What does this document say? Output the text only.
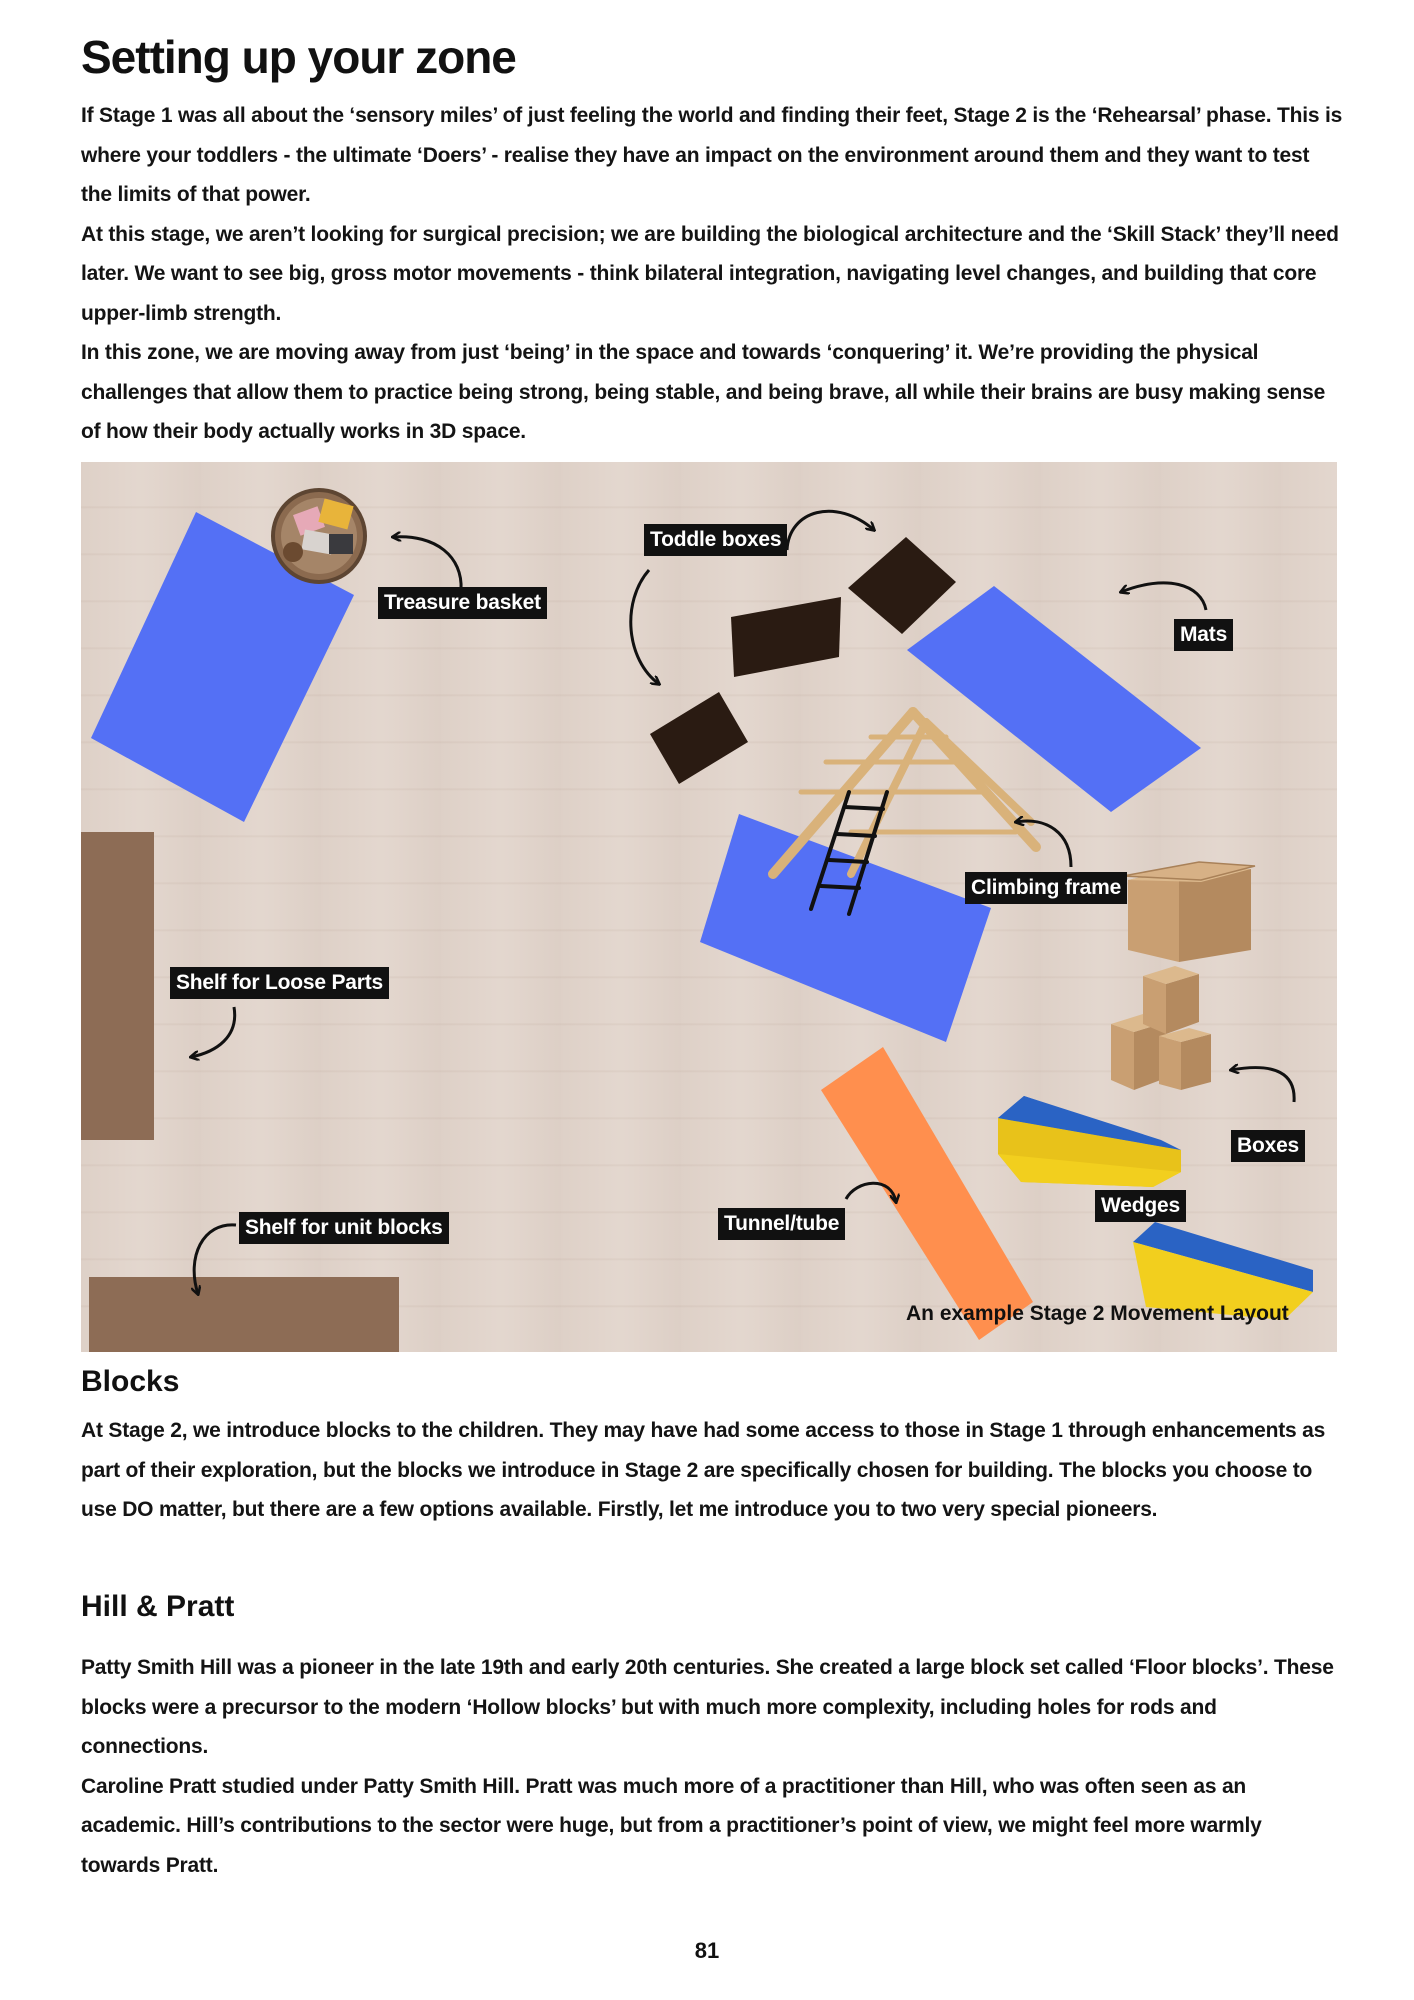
Setting up your zone

If Stage 1 was all about the ‘sensory miles’ of just feeling the world and finding their feet, Stage 2 is the ‘Rehearsal’ phase. This is where your toddlers - the ultimate ‘Doers’ - realise they have an impact on the environment around them and they want to test the limits of that power.

At this stage, we aren’t looking for surgical precision; we are building the biological architecture and the ‘Skill Stack’ they’ll need later. We want to see big, gross motor movements - think bilateral integration, navigating level changes, and building that core upper-limb strength.

In this zone, we are moving away from just ‘being’ in the space and towards ‘conquering’ it. We’re providing the physical challenges that allow them to practice being strong, being stable, and being brave, all while their brains are busy making sense of how their body actually works in 3D space.

Treasure basket
Toddle boxes
Mats
Climbing frame
Shelf for Loose Parts
Boxes
Wedges
Tunnel/tube
Shelf for unit blocks
An example Stage 2 Movement Layout
Blocks

At Stage 2, we introduce blocks to the children. They may have had some access to those in Stage 1 through enhancements as part of their exploration, but the blocks we introduce in Stage 2 are specifically chosen for building. The blocks you choose to use DO matter, but there are a few options available. Firstly, let me introduce you to two very special pioneers.

Hill & Pratt

Patty Smith Hill was a pioneer in the late 19th and early 20th centuries. She created a large block set called ‘Floor blocks’. These blocks were a precursor to the modern ‘Hollow blocks’ but with much more complexity, including holes for rods and connections.

Caroline Pratt studied under Patty Smith Hill. Pratt was much more of a practitioner than Hill, who was often seen as an academic. Hill’s contributions to the sector were huge, but from a practitioner’s point of view, we might feel more warmly towards Pratt.

81
